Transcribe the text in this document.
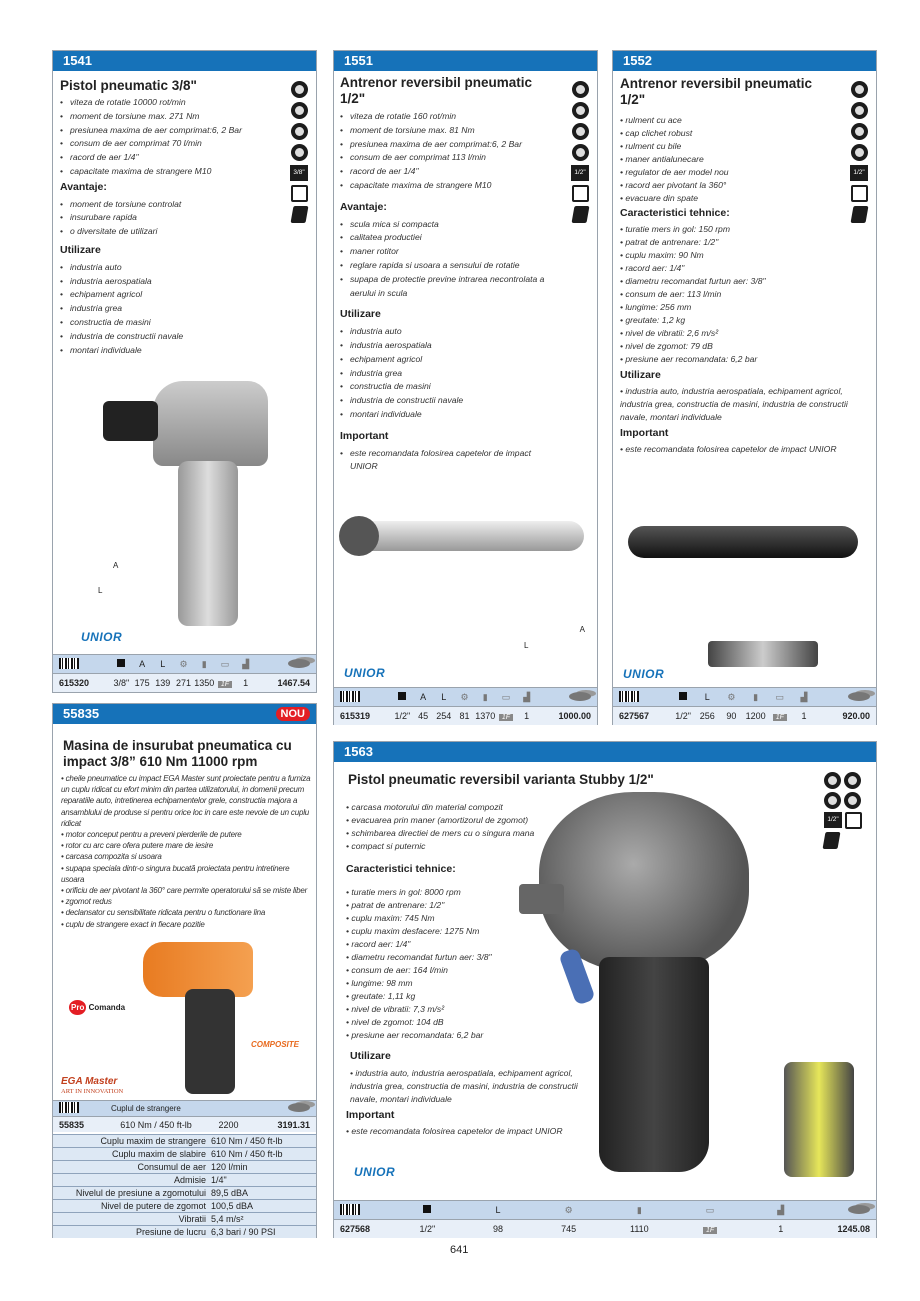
1541
Pistol pneumatic 3/8"
3/8"
• viteza de rotatie 10000 rot/min
• moment de torsiune max. 271 Nm
• presiunea maxima de aer comprimat:6, 2 Bar
• consum de aer comprimat 70 l/min
• racord de aer 1/4"
• capacitate maxima de strangere M10
Avantaje:
• moment de torsiune controlat
• insurubare rapida
• o diversitate de utilizari
Utilizare
• industria auto
• industria aerospatiala
• echipament agricol
• industria grea
• constructia de masini
• industria de constructii navale
• montari individuale
A
L
UNIOR
A	L	⚙	▮	▭	▟
615320	3/8" 175 139 271 1350 1F	1	1467.54
1551
Antrenor reversibil pneumatic 1/2"
1/2"
• viteza de rotatie 160 rot/min
• moment de torsiune max. 81 Nm
• presiunea maxima de aer comprimat:6, 2 Bar
• consum de aer comprimat 113 l/min
• racord de aer 1/4"
• capacitate maxima de strangere M10
Avantaje:
• scula mica si compacta
• calitatea productiei
• maner rotitor
• reglare rapida si usoara a sensului de rotatie
• supapa de protectie previne intrarea necontrolata a aerului in scula
Utilizare
• industria auto
• industria aerospatiala
• echipament agricol
• industria grea
• constructia de masini
• industria de constructii navale
• montari individuale
Important
• este recomandata folosirea capetelor de impact UNIOR
A
L
UNIOR
A	L	⚙	▮	▭	▟
615319	1/2" 45 254 81 1370 1F	1	1000.00
1552
Antrenor reversibil pneumatic 1/2"
1/2"
• rulment cu ace
• cap clichet robust
• rulment cu bile
• maner antialunecare
• regulator de aer model nou
• racord aer pivotant la 360°
• evacuare din spate
Caracteristici tehnice:
• turatie mers in gol: 150 rpm
• patrat de antrenare: 1/2"
• cuplu maxim: 90 Nm
• racord aer: 1/4"
• diametru recomandat furtun aer: 3/8"
• consum de aer: 113 l/min
• lungime: 256 mm
• greutate: 1,2 kg
• nivel de vibratii: 2,6 m/s²
• nivel de zgomot: 79 dB
• presiune aer recomandata: 6,2 bar
Utilizare
• industria auto, industria aerospatiala, echipament agricol, industria grea, constructia de masini, industria de constructii navale, montari individuale
Important
• este recomandata folosirea capetelor de impact UNIOR
UNIOR
L	⚙	▮	▭	▟
627567	1/2" 256	90	1200	1F	1	920.00
55835	NOU
Masina de insurubat pneumatica cu impact 3/8” 610 Nm 11000 rpm
• cheile pneumatice cu impact EGA Master sunt proiectate pentru a furniza un cuplu ridicat cu efort minim din partea utilizatorului, in domenii precum reparatiile auto, intretinerea echipamentelor grele, constructia majora a ansamblului de produse si pentru orice loc in care este nevoie de un cuplu ridicat
• motor conceput pentru a preveni pierderile de putere
• rotor cu arc care ofera putere mare de iesire
• carcasa compozita si usoara
• supapa speciala dintr-o singura bucată proiectata pentru intretinere usoara
• orificiu de aer pivotant la 360° care permite operatorului să se miste liber
• zgomot redus
• declansator cu sensibilitate ridicata pentru o functionare lina
• cuplu de strangere exact in fiecare pozitie
Pro Comanda
COMPOSITE
EGA Master
ART IN INNOVATION
Cuplul de strangere
55835	610 Nm / 450 ft-lb	2200	3191.31
Cuplu maxim de strangere 610 Nm / 450 ft-lb
Cuplu maxim de slabire 610 Nm / 450 ft-lb
Consumul de aer 120 l/min
Admisie 1/4"
Nivelul de presiune a zgomotului 89,5 dBA
Nivel de putere de zgomot 100,5 dBA
Vibratii 5,4 m/s²
Presiune de lucru 6,3 bari / 90 PSI
1563
Pistol pneumatic reversibil varianta Stubby 1/2"
1/2"
• carcasa motorului din material compozit
• evacuarea prin maner (amortizorul de zgomot)
• schimbarea directiei de mers cu o singura mana
• compact si puternic
Caracteristici tehnice:
• turatie mers in gol: 8000 rpm
• patrat de antrenare: 1/2"
• cuplu maxim: 745 Nm
• cuplu maxim desfacere: 1275 Nm
• racord aer: 1/4"
• diametru recomandat furtun aer: 3/8"
• consum de aer: 164 l/min
• lungime: 98 mm
• greutate: 1,11 kg
• nivel de vibratii: 7,3 m/s²
• nivel de zgomot: 104 dB
• presiune aer recomandata: 6,2 bar
Utilizare
• industria auto, industria aerospatiala, echipament agricol, industria grea, constructia de masini, industria de constructii navale, montari individuale
Important
• este recomandata folosirea capetelor de impact UNIOR
UNIOR
L	⚙	▮	▭	▟
627568	1/2"	98	745	1110	1F	1	1245.08
641
